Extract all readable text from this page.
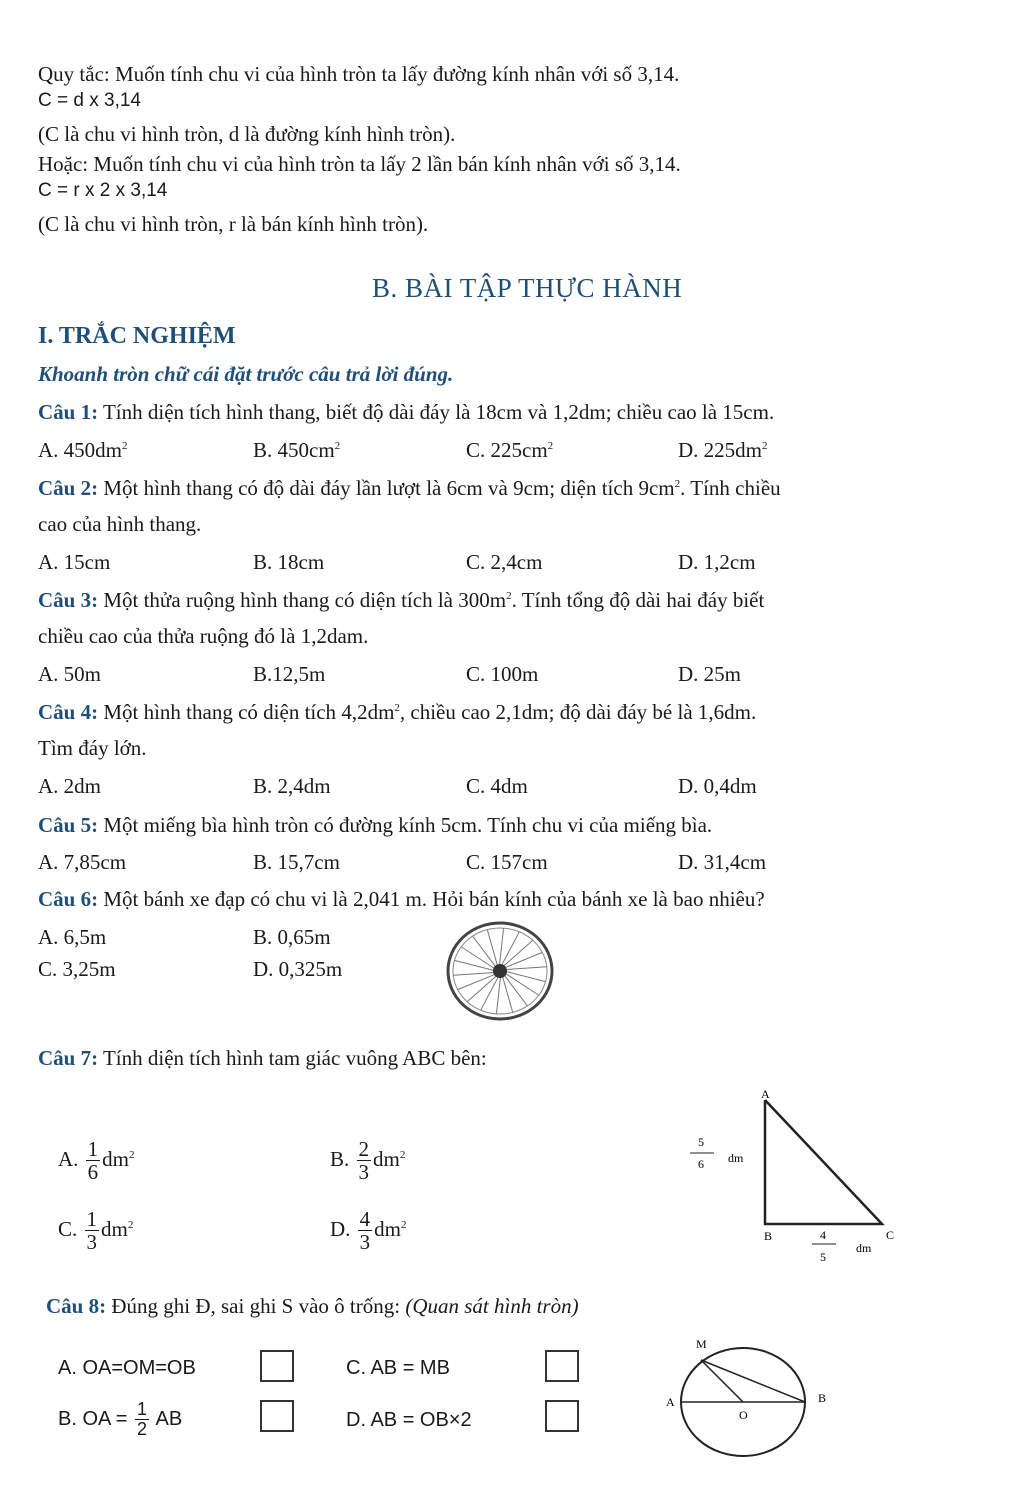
Quy tắc: Muốn tính chu vi của hình tròn ta lấy đường kính nhân với số 3,14.
C = d x 3,14
(C là chu vi hình tròn, d là đường kính hình tròn).
Hoặc: Muốn tính chu vi của hình tròn ta lấy 2 lần bán kính nhân với số 3,14.
C = r x 2 x 3,14
(C là chu vi hình tròn, r là bán kính hình tròn).
B. BÀI TẬP THỰC HÀNH
I. TRẮC NGHIỆM
Khoanh tròn chữ cái đặt trước câu trả lời đúng.
Câu 1: Tính diện tích hình thang, biết độ dài đáy là 18cm và 1,2dm; chiều cao là 15cm.
A. $450dm^2$	B. $450cm^2$	C. $225cm^2$	D. $225dm^2$
Câu 2: Một hình thang có độ dài đáy lần lượt là 6cm và 9cm; diện tích $9cm^2$. Tính chiều
cao của hình thang.
A. 15cm	B. 18cm	C. 2,4cm	D. 1,2cm
Câu 3: Một thửa ruộng hình thang có diện tích là $300m^2$. Tính tổng độ dài hai đáy biết
chiều cao của thửa ruộng đó là 1,2dam.
A. 50m	B.12,5m	C. 100m	D. 25m
Câu 4: Một hình thang có diện tích $4,2dm^2$, chiều cao 2,1dm; độ dài đáy bé là 1,6dm.
Tìm đáy lớn.
A. 2dm	B. 2,4dm	C. 4dm	D. 0,4dm
Câu 5: Một miếng bìa hình tròn có đường kính 5cm. Tính chu vi của miếng bìa.
A. 7,85cm	B. 15,7cm	C. 157cm	D. 31,4cm
Câu 6: Một bánh xe đạp có chu vi là 2,041 m. Hỏi bán kính của bánh xe là bao nhiêu?
A. 6,5m	B. 0,65m
C. 3,25m	D. 0,325m
Câu 7: Tính diện tích hình tam giác vuông ABC bên:
A. $\frac{1}{6} dm^2$	B. $\frac{2}{3} dm^2$
C. $\frac{1}{3} dm^2$	D. $\frac{4}{3} dm^2$
A
B	C
5
6 dm
4
5
dm
Câu 8: Đúng ghi Đ, sai ghi S vào ô trống: (Quan sát hình tròn)
A. OA=OM=OB	C. AB = MB
B. OA = $\frac{1}{2}$ AB	D. AB = OB×2
M
A
O
B
